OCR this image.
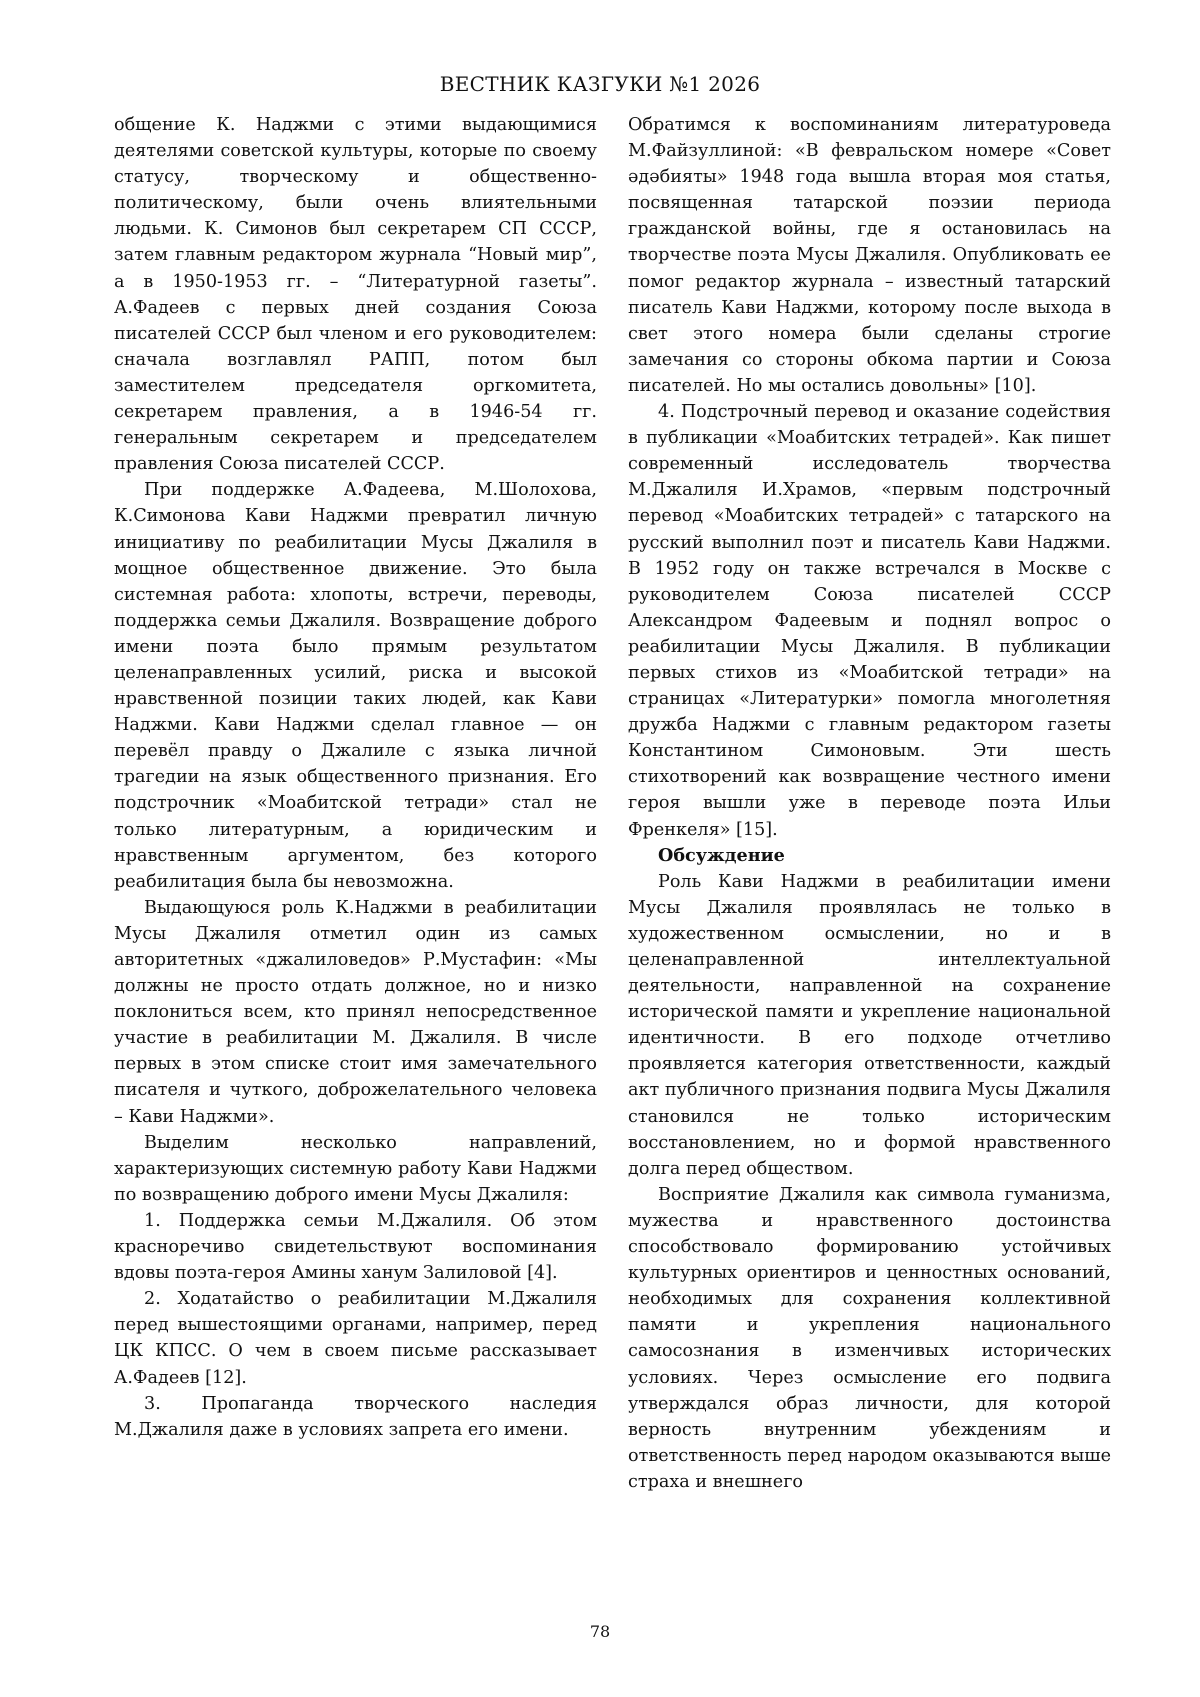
ВЕСТНИК КАЗГУКИ №1 2026

общение К. Наджми с этими выдающимися деятелями советской культуры, которые по своему статусу, творческому и общественно-политическому, были очень влиятельными людьми. К. Симонов был секретарем СП СССР, затем главным редактором журнала “Новый мир”, а в 1950-1953 гг. – “Литературной газеты”. А.Фадеев с первых дней создания Союза писателей СССР был членом и его руководителем: сначала возглавлял РАПП, потом был заместителем председателя оргкомитета, секретарем правления, а в 1946-54 гг. генеральным секретарем и председателем правления Союза писателей СССР.

При поддержке А.Фадеева, М.Шолохова, К.Симонова Кави Наджми превратил личную инициативу по реабилитации Мусы Джалиля в мощное общественное движение. Это была системная работа: хлопоты, встречи, переводы, поддержка семьи Джалиля. Возвращение доброго имени поэта было прямым результатом целенаправленных усилий, риска и высокой нравственной позиции таких людей, как Кави Наджми. Кави Наджми сделал главное — он перевёл правду о Джалиле с языка личной трагедии на язык общественного признания. Его подстрочник «Моабитской тетради» стал не только литературным, а юридическим и нравственным аргументом, без которого реабилитация была бы невозможна.

Выдающуюся роль К.Наджми в реабилитации Мусы Джалиля отметил один из самых авторитетных «джалиловедов» Р.Мустафин: «Мы должны не просто отдать должное, но и низко поклониться всем, кто принял непосредственное участие в реабилитации М. Джалиля. В числе первых в этом списке стоит имя замечательного писателя и чуткого, доброжелательного человека – Кави Наджми».

Выделим несколько направлений, характеризующих системную работу Кави Наджми по возвращению доброго имени Мусы Джалиля:

1. Поддержка семьи М.Джалиля. Об этом красноречиво свидетельствуют воспоминания вдовы поэта-героя Амины ханум Залиловой [4].

2. Ходатайство о реабилитации М.Джалиля перед вышестоящими органами, например, перед ЦК КПСС. О чем в своем письме рассказывает А.Фадеев [12].

3. Пропаганда творческого наследия М.Джалиля даже в условиях запрета его имени.

Обратимся к воспоминаниям литературоведа М.Файзуллиной: «В февральском номере «Совет әдәбияты» 1948 года вышла вторая моя статья, посвященная татарской поэзии периода гражданской войны, где я остановилась на творчестве поэта Мусы Джалиля. Опубликовать ее помог редактор журнала – известный татарский писатель Кави Наджми, которому после выхода в свет этого номера были сделаны строгие замечания со стороны обкома партии и Союза писателей. Но мы остались довольны» [10].

4. Подстрочный перевод и оказание содействия в публикации «Моабитских тетрадей». Как пишет современный исследователь творчества М.Джалиля И.Храмов, «первым подстрочный перевод «Моабитских тетрадей» с татарского на русский выполнил поэт и писатель Кави Наджми. В 1952 году он также встречался в Москве с руководителем Союза писателей СССР Александром Фадеевым и поднял вопрос о реабилитации Мусы Джалиля. В публикации первых стихов из «Моабитской тетради» на страницах «Литературки» помогла многолетняя дружба Наджми с главным редактором газеты Константином Симоновым. Эти шесть стихотворений как возвращение честного имени героя вышли уже в переводе поэта Ильи Френкеля» [15].

Обсуждение

Роль Кави Наджми в реабилитации имени Мусы Джалиля проявлялась не только в художественном осмыслении, но и в целенаправленной интеллектуальной деятельности, направленной на сохранение исторической памяти и укрепление национальной идентичности. В его подходе отчетливо проявляется категория ответственности, каждый акт публичного признания подвига Мусы Джалиля становился не только историческим восстановлением, но и формой нравственного долга перед обществом.

Восприятие Джалиля как символа гуманизма, мужества и нравственного достоинства способствовало формированию устойчивых культурных ориентиров и ценностных оснований, необходимых для сохранения коллективной памяти и укрепления национального самосознания в изменчивых исторических условиях. Через осмысление его подвига утверждался образ личности, для которой верность внутренним убеждениям и ответственность перед народом оказываются выше страха и внешнего

78
